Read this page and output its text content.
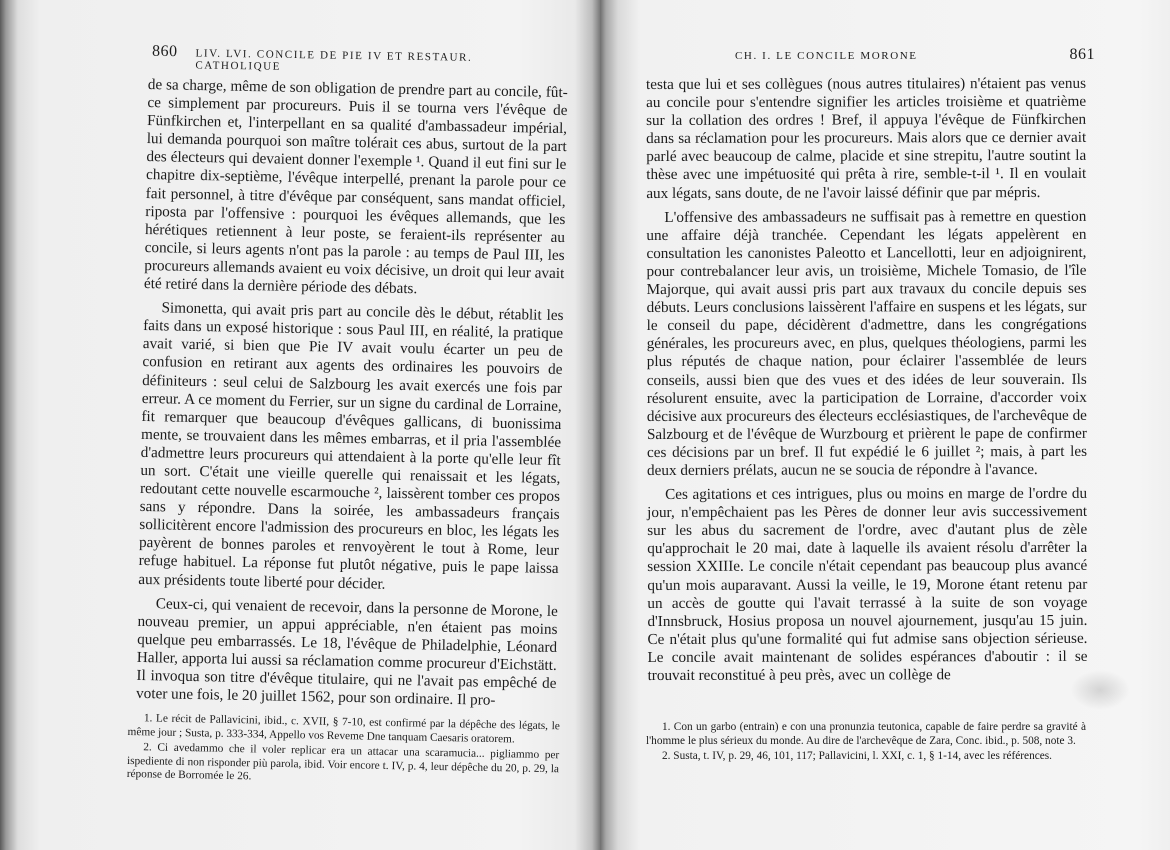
860 LIV. LVI. CONCILE DE PIE IV ET RESTAUR. CATHOLIQUE

de sa charge, même de son obligation de prendre part au concile, fût-ce simplement par procureurs. Puis il se tourna vers l'évêque de Fünfkirchen et, l'interpellant en sa qualité d'ambassadeur impérial, lui demanda pourquoi son maître tolérait ces abus, surtout de la part des électeurs qui devaient donner l'exemple ¹. Quand il eut fini sur le chapitre dix-septième, l'évêque interpellé, prenant la parole pour ce fait personnel, à titre d'évêque par conséquent, sans mandat officiel, riposta par l'offensive : pourquoi les évêques allemands, que les hérétiques retiennent à leur poste, se feraient-ils représenter au concile, si leurs agents n'ont pas la parole : au temps de Paul III, les procureurs allemands avaient eu voix décisive, un droit qui leur avait été retiré dans la dernière période des débats.

Simonetta, qui avait pris part au concile dès le début, rétablit les faits dans un exposé historique : sous Paul III, en réalité, la pratique avait varié, si bien que Pie IV avait voulu écarter un peu de confusion en retirant aux agents des ordinaires les pouvoirs de définiteurs : seul celui de Salzbourg les avait exercés une fois par erreur. A ce moment du Ferrier, sur un signe du cardinal de Lorraine, fit remarquer que beaucoup d'évêques gallicans, di buonissima mente, se trouvaient dans les mêmes embarras, et il pria l'assemblée d'admettre leurs procureurs qui attendaient à la porte qu'elle leur fît un sort. C'était une vieille querelle qui renaissait et les légats, redoutant cette nouvelle escarmouche ², laissèrent tomber ces propos sans y répondre. Dans la soirée, les ambassadeurs français sollicitèrent encore l'admission des procureurs en bloc, les légats les payèrent de bonnes paroles et renvoyèrent le tout à Rome, leur refuge habituel. La réponse fut plutôt négative, puis le pape laissa aux présidents toute liberté pour décider.

Ceux-ci, qui venaient de recevoir, dans la personne de Morone, le nouveau premier, un appui appréciable, n'en étaient pas moins quelque peu embarrassés. Le 18, l'évêque de Philadelphie, Léonard Haller, apporta lui aussi sa réclamation comme procureur d'Eichstätt. Il invoqua son titre d'évêque titulaire, qui ne l'avait pas empêché de voter une fois, le 20 juillet 1562, pour son ordinaire. Il pro-

1. Le récit de Pallavicini, ibid., c. XVII, § 7-10, est confirmé par la dépêche des légats, le même jour ; Susta, p. 333-334, Appello vos Reveme Dne tanquam Caesaris oratorem.

2. Ci avedammo che il voler replicar era un attacar una scaramucia... pigliammo per ispediente di non risponder più parola, ibid. Voir encore t. IV, p. 4, leur dépêche du 20, p. 29, la réponse de Borromée le 26.

CH. I. LE CONCILE MORONE	861

testa que lui et ses collègues (nous autres titulaires) n'étaient pas venus au concile pour s'entendre signifier les articles troisième et quatrième sur la collation des ordres ! Bref, il appuya l'évêque de Fünfkirchen dans sa réclamation pour les procureurs. Mais alors que ce dernier avait parlé avec beaucoup de calme, placide et sine strepitu, l'autre soutint la thèse avec une impétuosité qui prêta à rire, semble-t-il ¹. Il en voulait aux légats, sans doute, de ne l'avoir laissé définir que par mépris.

L'offensive des ambassadeurs ne suffisait pas à remettre en question une affaire déjà tranchée. Cependant les légats appelèrent en consultation les canonistes Paleotto et Lancellotti, leur en adjoignirent, pour contrebalancer leur avis, un troisième, Michele Tomasio, de l'île Majorque, qui avait aussi pris part aux travaux du concile depuis ses débuts. Leurs conclusions laissèrent l'affaire en suspens et les légats, sur le conseil du pape, décidèrent d'admettre, dans les congrégations générales, les procureurs avec, en plus, quelques théologiens, parmi les plus réputés de chaque nation, pour éclairer l'assemblée de leurs conseils, aussi bien que des vues et des idées de leur souverain. Ils résolurent ensuite, avec la participation de Lorraine, d'accorder voix décisive aux procureurs des électeurs ecclésiastiques, de l'archevêque de Salzbourg et de l'évêque de Wurzbourg et prièrent le pape de confirmer ces décisions par un bref. Il fut expédié le 6 juillet ²; mais, à part les deux derniers prélats, aucun ne se soucia de répondre à l'avance.

Ces agitations et ces intrigues, plus ou moins en marge de l'ordre du jour, n'empêchaient pas les Pères de donner leur avis successivement sur les abus du sacrement de l'ordre, avec d'autant plus de zèle qu'approchait le 20 mai, date à laquelle ils avaient résolu d'arrêter la session XXIIIe. Le concile n'était cependant pas beaucoup plus avancé qu'un mois auparavant. Aussi la veille, le 19, Morone étant retenu par un accès de goutte qui l'avait terrassé à la suite de son voyage d'Innsbruck, Hosius proposa un nouvel ajournement, jusqu'au 15 juin. Ce n'était plus qu'une formalité qui fut admise sans objection sérieuse. Le concile avait maintenant de solides espérances d'aboutir : il se trouvait reconstitué à peu près, avec un collège de

1. Con un garbo (entrain) e con una pronunzia teutonica, capable de faire perdre sa gravité à l'homme le plus sérieux du monde. Au dire de l'archevêque de Zara, Conc. ibid., p. 508, note 3.

2. Susta, t. IV, p. 29, 46, 101, 117; Pallavicini, l. XXI, c. 1, § 1-14, avec les références.
